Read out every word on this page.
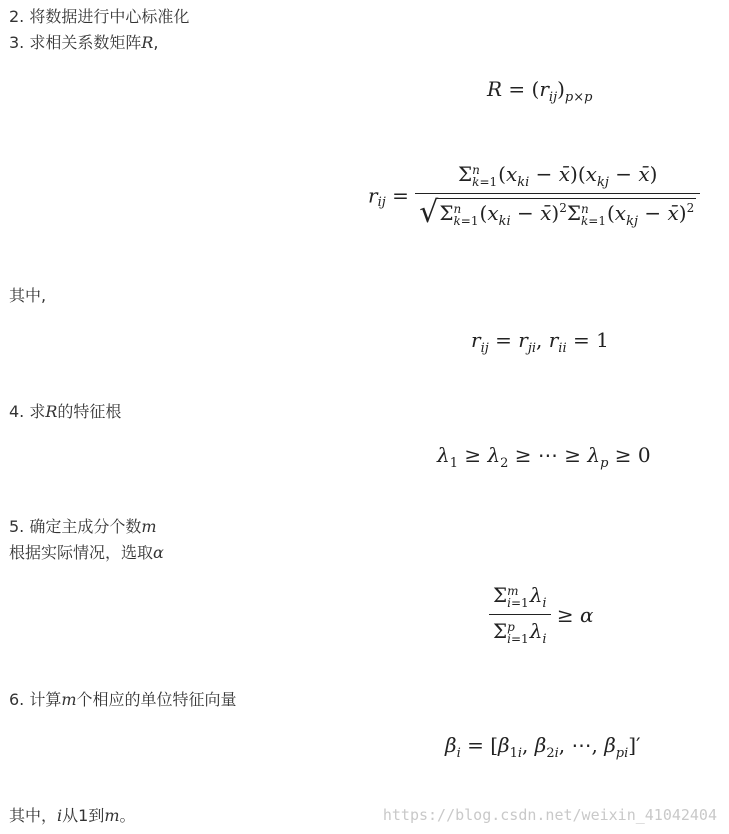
2. 将数据进行中心标准化
3. 求相关系数矩阵R,
$R = (r_{ij})_{p\times p}$
$r_{ij} = \Sigma$ n
k=1 ($x_{ki}$ − $x̄)(x_{kj}$ − x̄)
√ Σ n
k=1 ($x_{ki}$ − x̄)$^2$Σ n
k=1 ($x_{kj}$ − x̄)$^2$
其中,
$r_{ij} = r_{ji}$, $r_{ii} = 1$
4. 求R的特征根
$\lambda_1 \ge \lambda_2$ ≥ ⋯ ≥ $\lambda_p \ge 0$
5. 确定主成分个数m
根据实际情况，选取α
Σ m
i=1 $\lambda_i$
Σ p
i=1 $\lambda_i \ge \alpha$
6. 计算m个相应的单位特征向量
$\beta_i = [\beta_{1i}$, $\beta_{2i}$, ⋯, $\beta_{pi}]'$
其中，i从1到m。	https://blog.csdn.net/weixin_41042404
